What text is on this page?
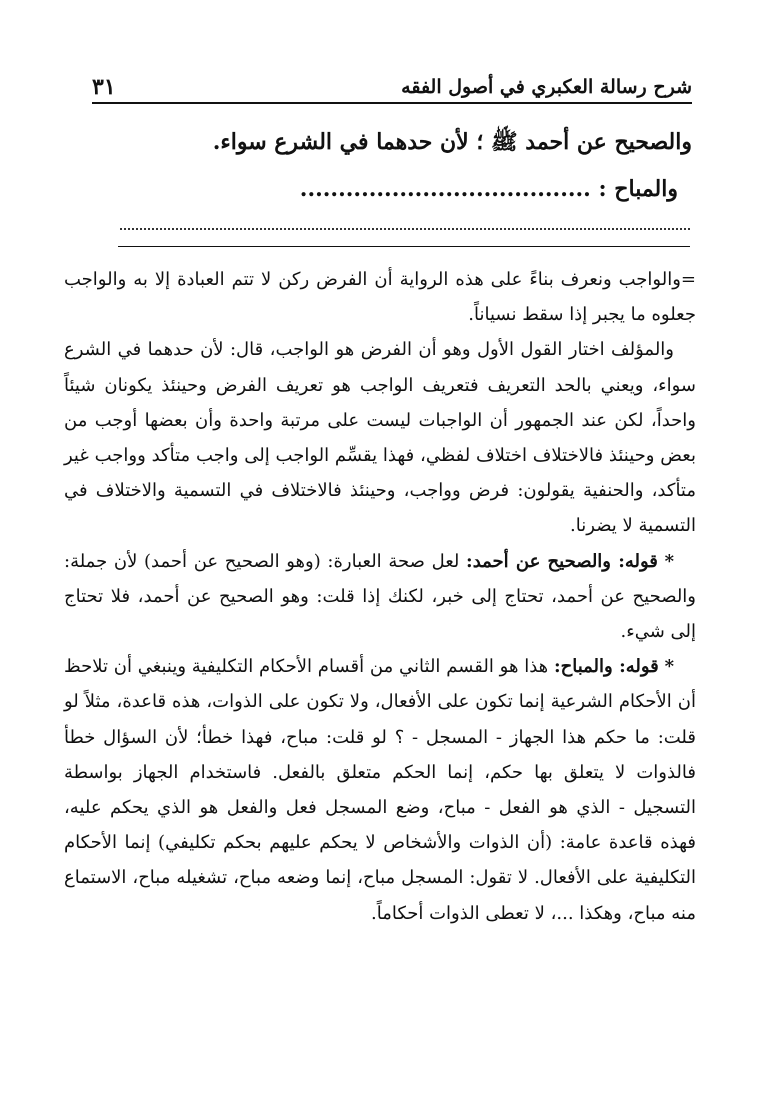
٣١	شرح رسالة العكبري في أصول الفقه
والصحيح عن أحمد ﷺ ؛ لأن حدهما في الشرع سواء.
والمباح : ......................................

=والواجب ونعرف بناءً على هذه الرواية أن الفرض ركن لا تتم العبادة إلا به والواجب جعلوه ما يجبر إذا سقط نسياناً.

والمؤلف اختار القول الأول وهو أن الفرض هو الواجب، قال: لأن حدهما في الشرع سواء، ويعني بالحد التعريف فتعريف الواجب هو تعريف الفرض وحينئذ يكونان شيئاً واحداً، لكن عند الجمهور أن الواجبات ليست على مرتبة واحدة وأن بعضها أوجب من بعض وحينئذ فالاختلاف اختلاف لفظي، فهذا يقسِّم الواجب إلى واجب متأكد وواجب غير متأكد، والحنفية يقولون: فرض وواجب، وحينئذ فالاختلاف في التسمية والاختلاف في التسمية لا يضرنا.

* قوله: والصحيح عن أحمد: لعل صحة العبارة: (وهو الصحيح عن أحمد) لأن جملة: والصحيح عن أحمد، تحتاج إلى خبر، لكنك إذا قلت: وهو الصحيح عن أحمد، فلا تحتاج إلى شيء.

* قوله: والمباح: هذا هو القسم الثاني من أقسام الأحكام التكليفية وينبغي أن تلاحظ أن الأحكام الشرعية إنما تكون على الأفعال، ولا تكون على الذوات، هذه قاعدة، مثلاً لو قلت: ما حكم هذا الجهاز - المسجل - ؟ لو قلت: مباح، فهذا خطأ؛ لأن السؤال خطأ فالذوات لا يتعلق بها حكم، إنما الحكم متعلق بالفعل. فاستخدام الجهاز بواسطة التسجيل - الذي هو الفعل - مباح، وضع المسجل فعل والفعل هو الذي يحكم عليه، فهذه قاعدة عامة: (أن الذوات والأشخاص لا يحكم عليهم بحكم تكليفي) إنما الأحكام التكليفية على الأفعال. لا تقول: المسجل مباح، إنما وضعه مباح، تشغيله مباح، الاستماع منه مباح، وهكذا ...، لا تعطى الذوات أحكاماً.
